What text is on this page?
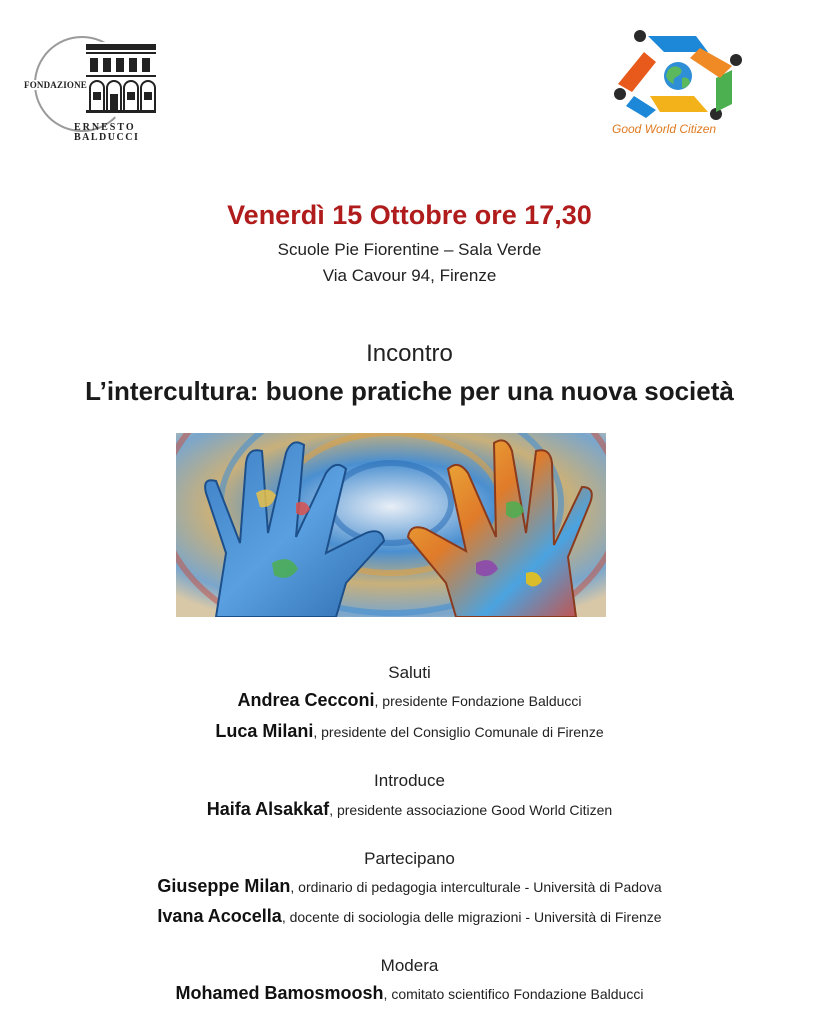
FONDAZIONE
ERNESTO
BALDUCCI
Good World Citizen
Venerdì 15 Ottobre ore 17,30
Scuole Pie Fiorentine – Sala Verde
Via Cavour 94, Firenze
Incontro
L’intercultura: buone pratiche per una nuova società
Saluti
Andrea Cecconi, presidente Fondazione Balducci
Luca Milani, presidente del Consiglio Comunale di Firenze
Introduce
Haifa Alsakkaf, presidente associazione Good World Citizen
Partecipano
Giuseppe Milan, ordinario di pedagogia interculturale - Università di Padova
Ivana Acocella, docente di sociologia delle migrazioni - Università di Firenze
Modera
Mohamed Bamosmoosh, comitato scientifico Fondazione Balducci
